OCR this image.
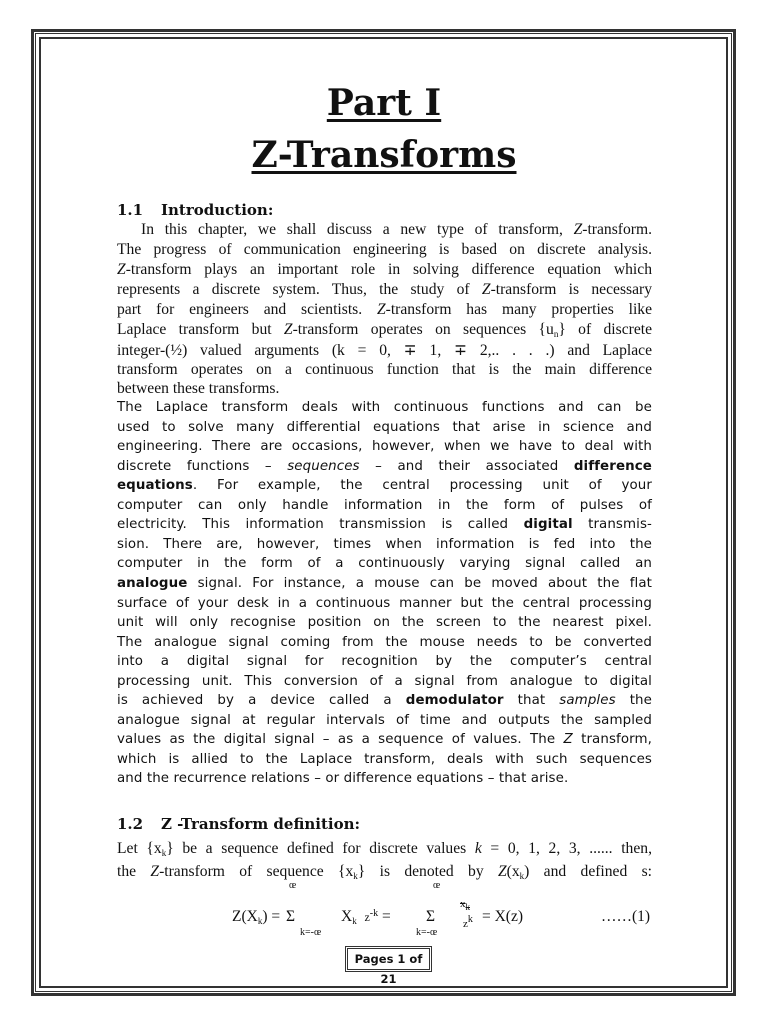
Part I
Z-Transforms
1.1 Introduction:
In this chapter, we shall discuss a new type of transform, Z-transform.
The progress of communication engineering is based on discrete analysis.
Z-transform plays an important role in solving difference equation which
represents a discrete system. Thus, the study of Z-transform is necessary
part for engineers and scientists. Z-transform has many properties like
Laplace transform but Z-transform operates on sequences $\{u_n\}$ of discrete
integer-(½) valued arguments (k = 0, ∓ 1, ∓ 2,.. . . .) and Laplace
transform operates on a continuous function that is the main difference
between these transforms.
The Laplace transform deals with continuous functions and can be
used to solve many differential equations that arise in science and
engineering. There are occasions, however, when we have to deal with
discrete functions – sequences – and their associated difference
equations. For example, the central processing unit of your
computer can only handle information in the form of pulses of
electricity. This information transmission is called digital transmis-
sion. There are, however, times when information is fed into the
computer in the form of a continuously varying signal called an
analogue signal. For instance, a mouse can be moved about the flat
surface of your desk in a continuous manner but the central processing
unit will only recognise position on the screen to the nearest pixel.
The analogue signal coming from the mouse needs to be converted
into a digital signal for recognition by the computer’s central
processing unit. This conversion of a signal from analogue to digital
is achieved by a device called a demodulator that samples the
analogue signal at regular intervals of time and outputs the sampled
values as the digital signal – as a sequence of values. The Z transform,
which is allied to the Laplace transform, deals with such sequences
and the recurrence relations – or difference equations – that arise.
1.2 Z -Transform definition:
Let $\{x_k\}$ be a sequence defined for discrete values k = 0, 1, 2, 3, ...... then,
the Z-transform of sequence $\{x_k\}$ is denoted by $Z(x_k)$ and defined s:
œ	œ
$Z(X_k) = \Sigma$
k=-œ
$X_k$ $z^{-k} = \Sigma$
k=-œ
$x_k$
zk = X(z)	……(1)
Pages 1 of 21
